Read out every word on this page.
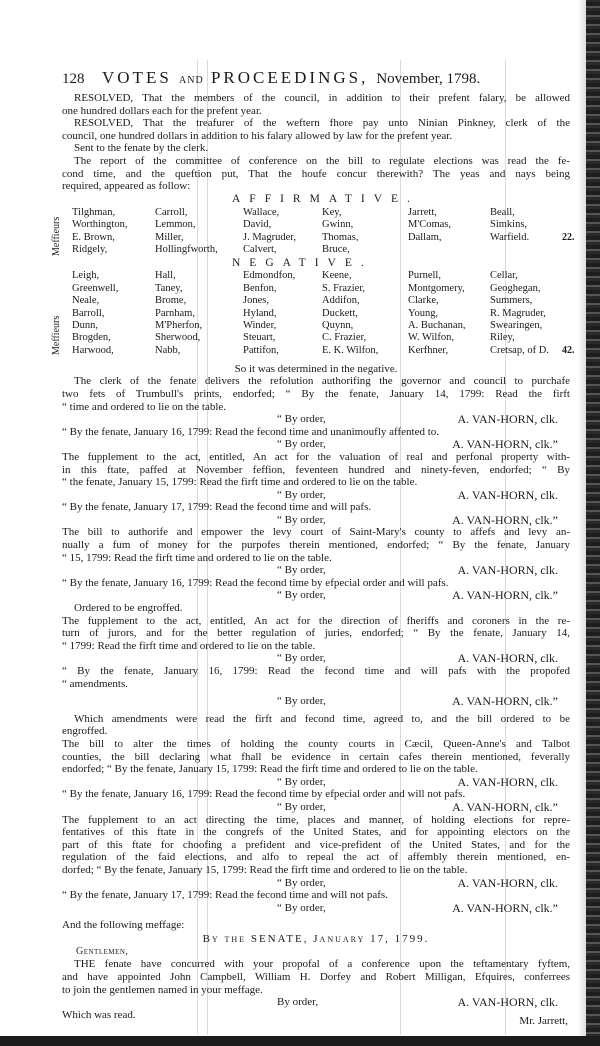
128	VOTES AND PROCEEDINGS, November, 1798.
RESOLVED, That the members of the council, in addition to their prefent falary, be allowed
one hundred dollars each for the prefent year.
RESOLVED, That the treafurer of the weftern fhore pay unto Ninian Pinkney, clerk of the
council, one hundred dollars in addition to his falary allowed by law for the prefent year.
Sent to the fenate by the clerk.
The report of the committee of conference on the bill to regulate elections was read the fe-
cond time, and the queftion put, That the houfe concur therewith? The yeas and nays being
required, appeared as follow:
AFFIRMATIVE.
Tilghman,	Carroll,	Wallace,	Key,	Jarrett,	Beall,
Worthington,	Lemmon,	David,	Gwinn,	M'Comas,	Simkins,
E. Brown,	Miller,	J. Magruder, Thomas,	Dallam,	Warfield.
Ridgely,	Hollingfworth, Calvert,	Bruce,
22.
Meffieurs
NEGATIVE.
Leigh,	Hall,	Edmondfon,	Keene,	Purnell,	Cellar,
Greenwell,	Taney,	Benfon,	S. Frazier,	Montgomery, Geoghegan,
Neale,	Brome,	Jones,	Addifon,	Clarke,	Summers,
Barroll,	Parnham,	Hyland,	Duckett,	Young,	R. Magruder,
Dunn,	M'Pherfon,	Winder,	Quynn,	A. Buchanan, Swearingen,
Brogden,	Sherwood,	Steuart,	C. Frazier,	W. Wilfon,	Riley,
Harwood,	Nabb,	Pattifon,	E. K. Wilfon,	Kerfhner,	Cretsap, of D. 42.
Meffieurs
So it was determined in the negative.
The clerk of the fenate delivers the refolution authorifing the governor and council to purchafe
two fets of Trumbull's prints, endorfed; “ By the fenate, January 14, 1799: Read the firft
“ time and ordered to lie on the table.
“ By order,	A. VAN-HORN, clk.
“ By the fenate, January 16, 1799: Read the fecond time and unanimoufly affented to.
“ By order,	A. VAN-HORN, clk.”
The fupplement to the act, entitled, An act for the valuation of real and perfonal property with-
in this ftate, paffed at November feffion, feventeen hundred and ninety-feven, endorfed; “ By
“ the fenate, January 15, 1799: Read the firft time and ordered to lie on the table.
“ By order,	A. VAN-HORN, clk.
“ By the fenate, January 17, 1799: Read the fecond time and will pafs.
“ By order,	A. VAN-HORN, clk.”
The bill to authorife and empower the levy court of Saint-Mary's county to affefs and levy an-
nually a fum of money for the purpofes therein mentioned, endorfed; “ By the fenate, January
“ 15, 1799: Read the firft time and ordered to lie on the table.
“ By order,	A. VAN-HORN, clk.
“ By the fenate, January 16, 1799: Read the fecond time by efpecial order and will pafs.
“ By order,	A. VAN-HORN, clk.”
Ordered to be engroffed.
The fupplement to the act, entitled, An act for the direction of fheriffs and coroners in the re-
turn of jurors, and for the better regulation of juries, endorfed; “ By the fenate, January 14,
“ 1799: Read the firft time and ordered to lie on the table.
“ By order,	A. VAN-HORN, clk.
“ By the fenate, January 16, 1799: Read the fecond time and will pafs with the propofed
“ amendments.
“ By order,	A. VAN-HORN, clk.”
Which amendments were read the firft and fecond time, agreed to, and the bill ordered to be
engroffed.
The bill to alter the times of holding the county courts in Cæcil, Queen-Anne's and Talbot
counties, the bill declaring what fhall be evidence in certain cafes therein mentioned, feverally
endorfed; “ By the fenate, January 15, 1799: Read the firft time and ordered to lie on the table.
“ By order,	A. VAN-HORN, clk.
“ By the fenate, January 16, 1799: Read the fecond time by efpecial order and will not pafs.
“ By order,	A. VAN-HORN, clk.”
The fupplement to an act directing the time, places and manner, of holding elections for repre-
fentatives of this ftate in the congrefs of the United States, and for appointing electors on the
part of this ftate for choofing a prefident and vice-prefident of the United States, and for the
regulation of the faid elections, and alfo to repeal the act of affembly therein mentioned, en-
dorfed; “ By the fenate, January 15, 1799: Read the firft time and ordered to lie on the table.
“ By order,	A. VAN-HORN, clk.
“ By the fenate, January 17, 1799: Read the fecond time and will not pafs.
“ By order,	A. VAN-HORN, clk.”
And the following meffage:
By the SENATE, January 17, 1799.
Gentlemen,
THE fenate have concurred with your propofal of a conference upon the teftamentary fyftem,
and have appointed John Campbell, William H. Dorfey and Robert Milligan, Efquires, conferrees
to join the gentlemen named in your meffage.
By order,	A. VAN-HORN, clk.
Which was read.	Mr. Jarrett,
